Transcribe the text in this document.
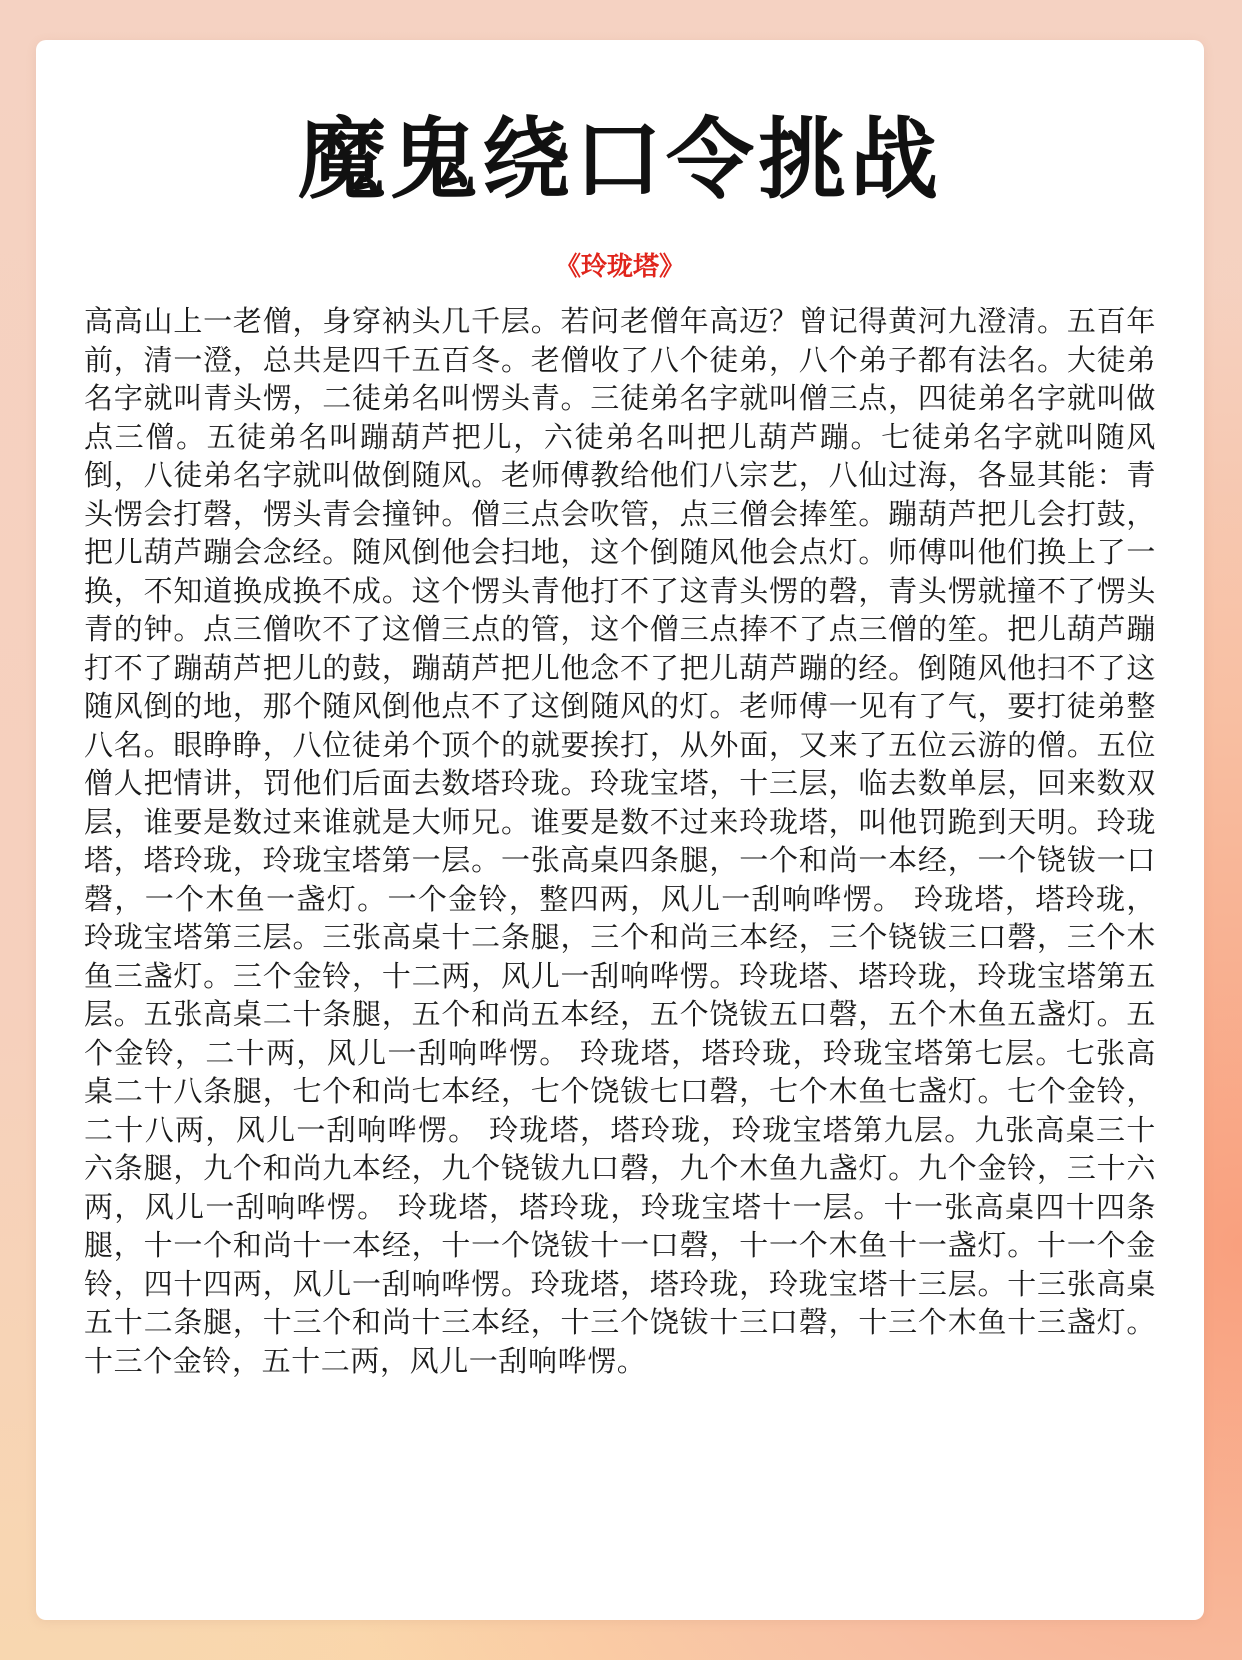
魔鬼绕口令挑战
《玲珑塔》

高高山上一老僧，身穿衲头几千层。若问老僧年高迈？曾记得黄河九澄清。五百年前，清一澄，总共是四千五百冬。老僧收了八个徒弟，八个弟子都有法名。大徒弟名字就叫青头愣，二徒弟名叫愣头青。三徒弟名字就叫僧三点，四徒弟名字就叫做点三僧。五徒弟名叫蹦葫芦把儿，六徒弟名叫把儿葫芦蹦。七徒弟名字就叫随风倒，八徒弟名字就叫做倒随风。老师傅教给他们八宗艺，八仙过海，各显其能：青头愣会打磬，愣头青会撞钟。僧三点会吹管，点三僧会捧笙。蹦葫芦把儿会打鼓，把儿葫芦蹦会念经。随风倒他会扫地，这个倒随风他会点灯。师傅叫他们换上了一换，不知道换成换不成。这个愣头青他打不了这青头愣的磬，青头愣就撞不了愣头青的钟。点三僧吹不了这僧三点的管，这个僧三点捧不了点三僧的笙。把儿葫芦蹦打不了蹦葫芦把儿的鼓，蹦葫芦把儿他念不了把儿葫芦蹦的经。倒随风他扫不了这随风倒的地，那个随风倒他点不了这倒随风的灯。老师傅一见有了气，要打徒弟整八名。眼睁睁，八位徒弟个顶个的就要挨打，从外面，又来了五位云游的僧。五位僧人把情讲，罚他们后面去数塔玲珑。玲珑宝塔，十三层，临去数单层，回来数双层，谁要是数过来谁就是大师兄。谁要是数不过来玲珑塔，叫他罚跪到天明。玲珑塔，塔玲珑，玲珑宝塔第一层。一张高桌四条腿，一个和尚一本经，一个铙钹一口磬，一个木鱼一盏灯。一个金铃，整四两，风儿一刮响哗愣。 玲珑塔，塔玲珑，玲珑宝塔第三层。三张高桌十二条腿，三个和尚三本经，三个铙钹三口磬，三个木鱼三盏灯。三个金铃，十二两，风儿一刮响哗愣。玲珑塔、塔玲珑，玲珑宝塔第五层。五张高桌二十条腿，五个和尚五本经，五个饶钹五口磬，五个木鱼五盏灯。五个金铃，二十两，风儿一刮响哗愣。 玲珑塔，塔玲珑，玲珑宝塔第七层。七张高桌二十八条腿，七个和尚七本经，七个饶钹七口磬，七个木鱼七盏灯。七个金铃，二十八两，风儿一刮响哗愣。 玲珑塔，塔玲珑，玲珑宝塔第九层。九张高桌三十六条腿，九个和尚九本经，九个铙钹九口磬，九个木鱼九盏灯。九个金铃，三十六两，风儿一刮响哗愣。 玲珑塔，塔玲珑，玲珑宝塔十一层。十一张高桌四十四条腿，十一个和尚十一本经，十一个饶钹十一口磬，十一个木鱼十一盏灯。十一个金铃，四十四两，风儿一刮响哗愣。玲珑塔，塔玲珑，玲珑宝塔十三层。十三张高桌五十二条腿，十三个和尚十三本经，十三个饶钹十三口磬，十三个木鱼十三盏灯。十三个金铃，五十二两，风儿一刮响哗愣。
